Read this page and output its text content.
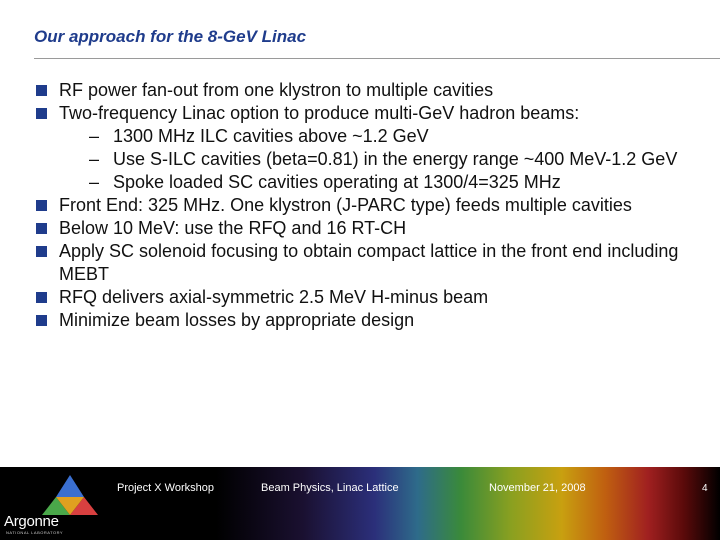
Our approach for the 8-GeV Linac
RF power fan-out from one klystron to multiple cavities
Two-frequency Linac option to produce multi-GeV hadron beams:
– 1300 MHz ILC cavities above ~1.2 GeV
– Use S-ILC cavities (beta=0.81) in the energy range ~400 MeV-1.2 GeV
– Spoke loaded SC cavities operating at 1300/4=325 MHz
Front End: 325 MHz. One klystron (J-PARC type) feeds multiple cavities
Below 10 MeV: use the RFQ and 16 RT-CH
Apply SC solenoid focusing to obtain compact lattice in the front end including MEBT
RFQ delivers axial-symmetric 2.5 MeV H-minus beam
Minimize beam losses by appropriate design
Argonne
NATIONAL LABORATORY
Project X Workshop	Beam Physics, Linac Lattice	November 21, 2008	4
